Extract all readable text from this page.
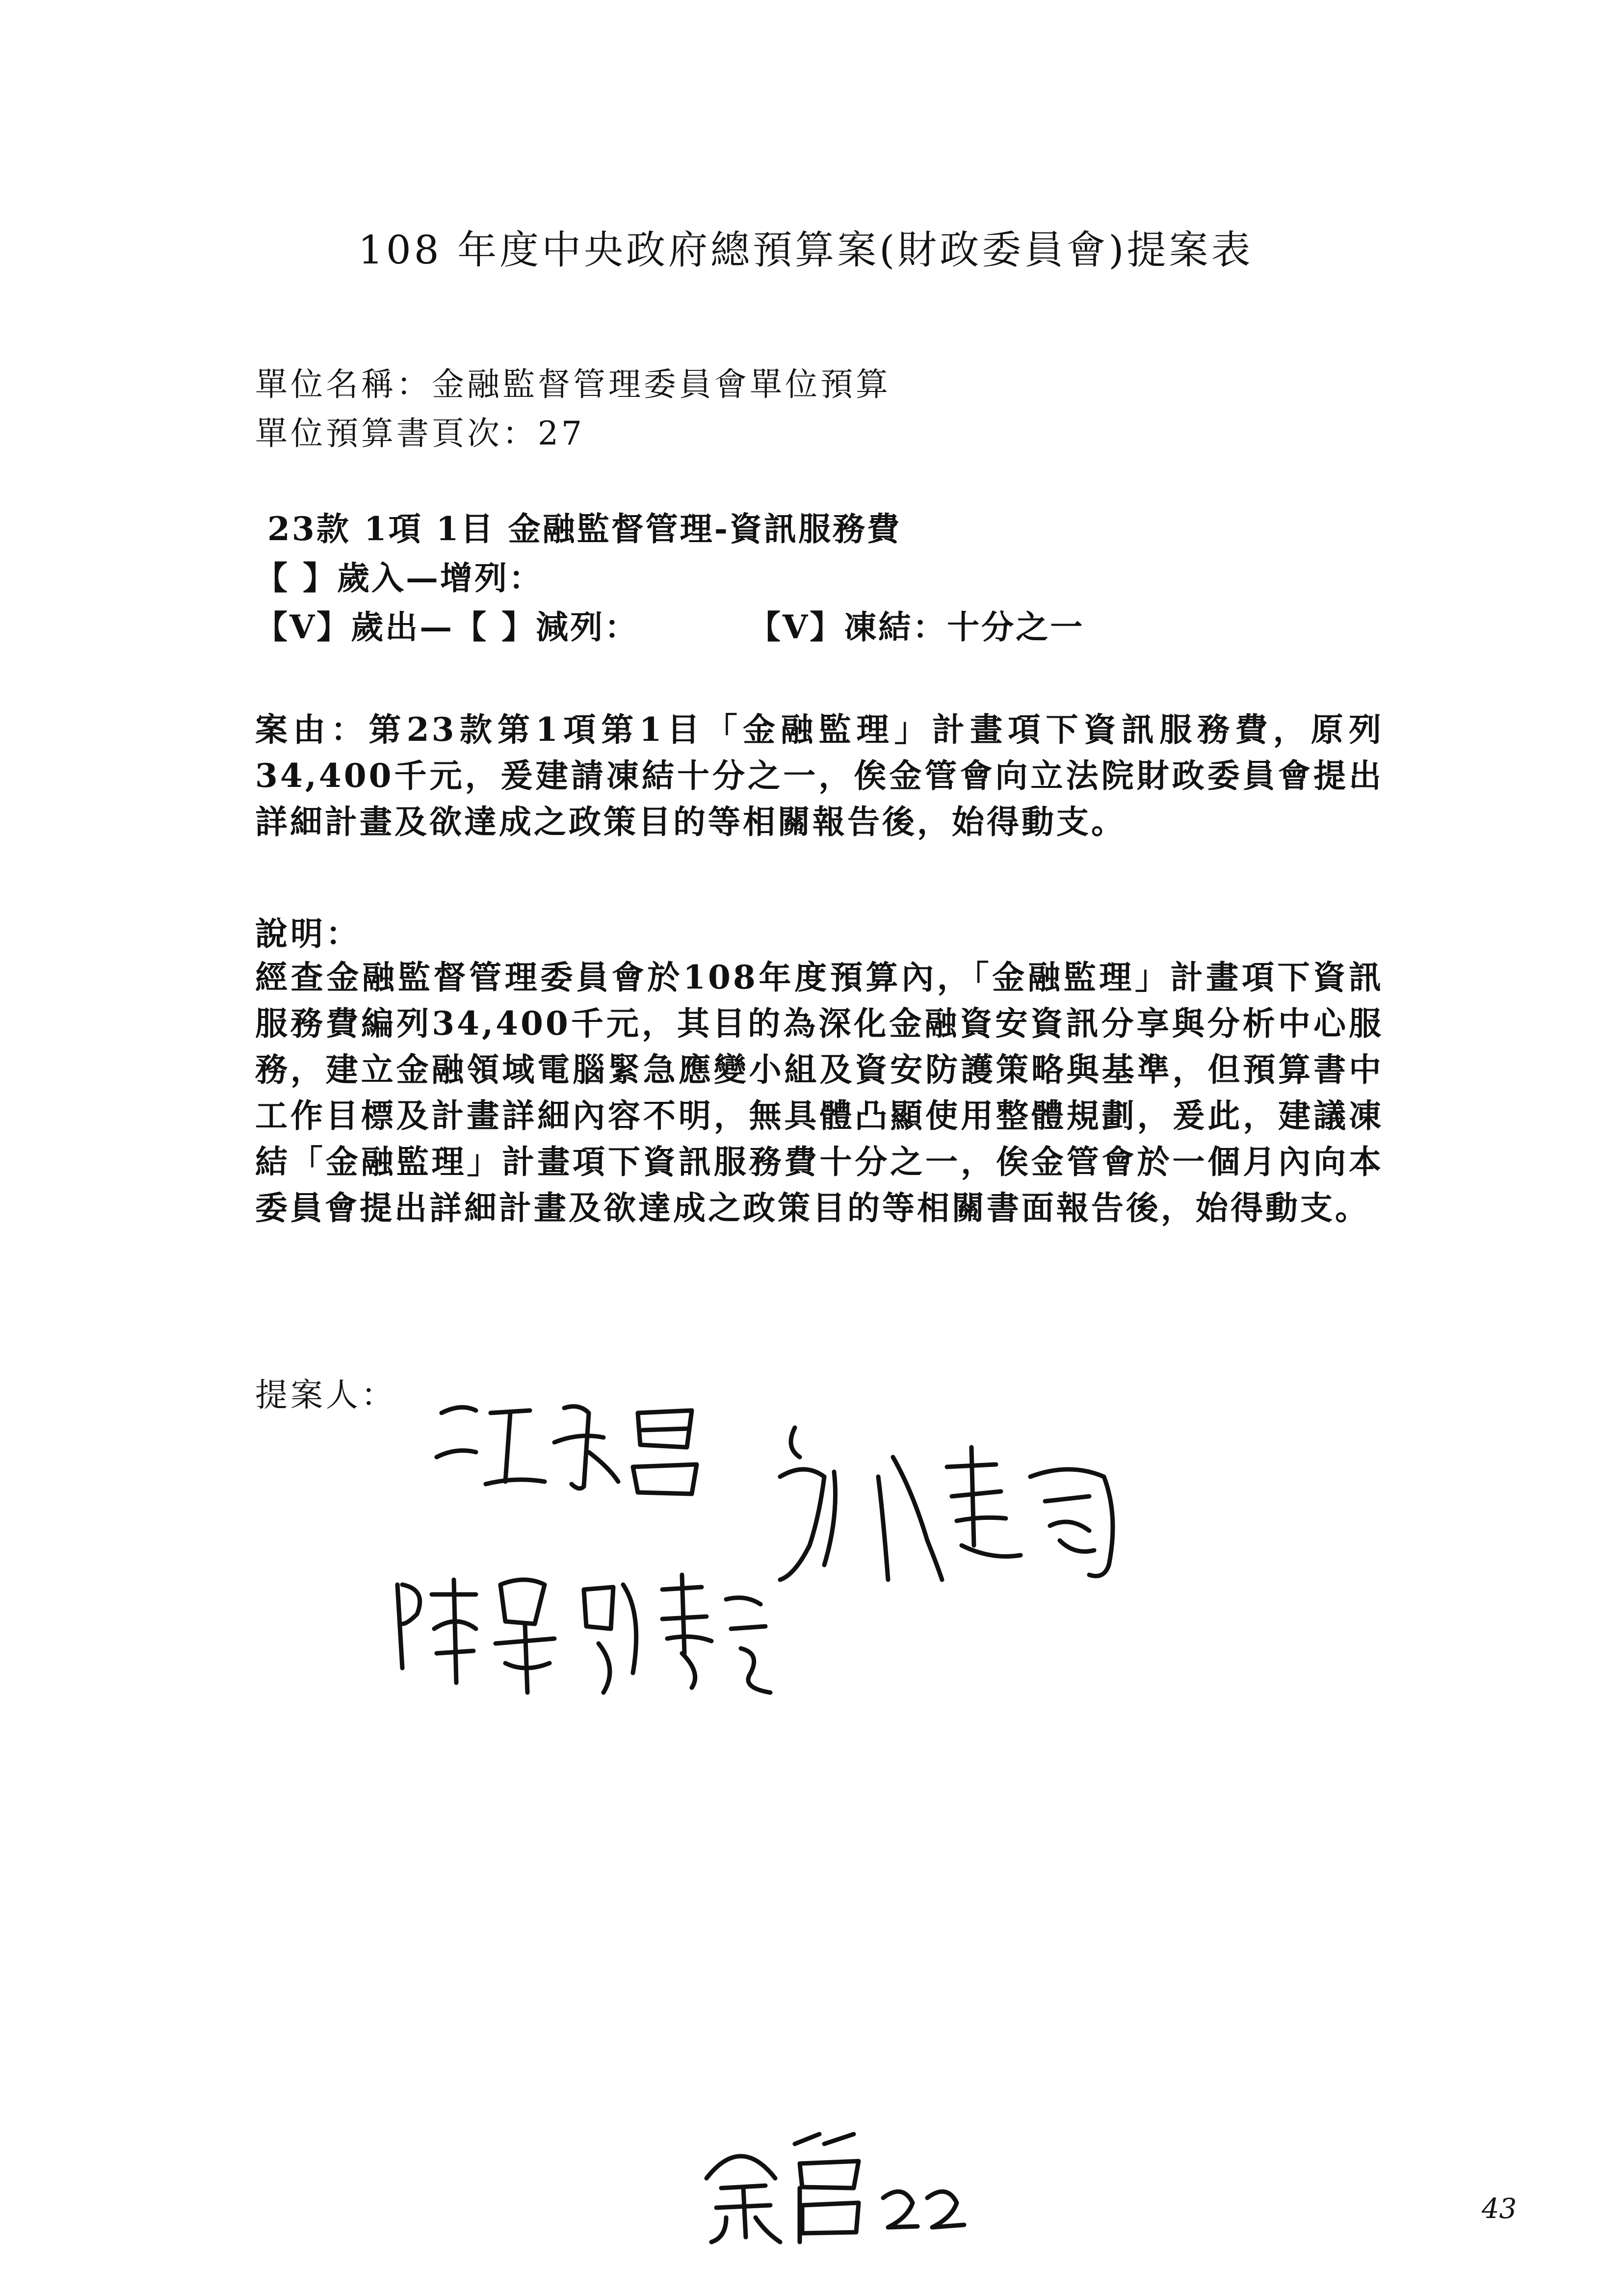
108 年度中央政府總預算案(財政委員會)提案表
單位名稱：金融監督管理委員會單位預算
單位預算書頁次：27
23款 1項 1目 金融監督管理-資訊服務費
【 】歲入—增列：
【V】歲出—【 】減列：	【V】凍結：十分之一
案由：第23款第1項第1目「金融監理」計畫項下資訊服務費，原列34,400千元，爰建請凍結十分之一，俟金管會向立法院財政委員會提出詳細計畫及欲達成之政策目的等相關報告後，始得動支。
說明：
經查金融監督管理委員會於108年度預算內，「金融監理」計畫項下資訊服務費編列34,400千元，其目的為深化金融資安資訊分享與分析中心服務，建立金融領域電腦緊急應變小組及資安防護策略與基準，但預算書中工作目標及計畫詳細內容不明，無具體凸顯使用整體規劃，爰此，建議凍結「金融監理」計畫項下資訊服務費十分之一，俟金管會於一個月內向本委員會提出詳細計畫及欲達成之政策目的等相關書面報告後，始得動支。
提案人：
43
